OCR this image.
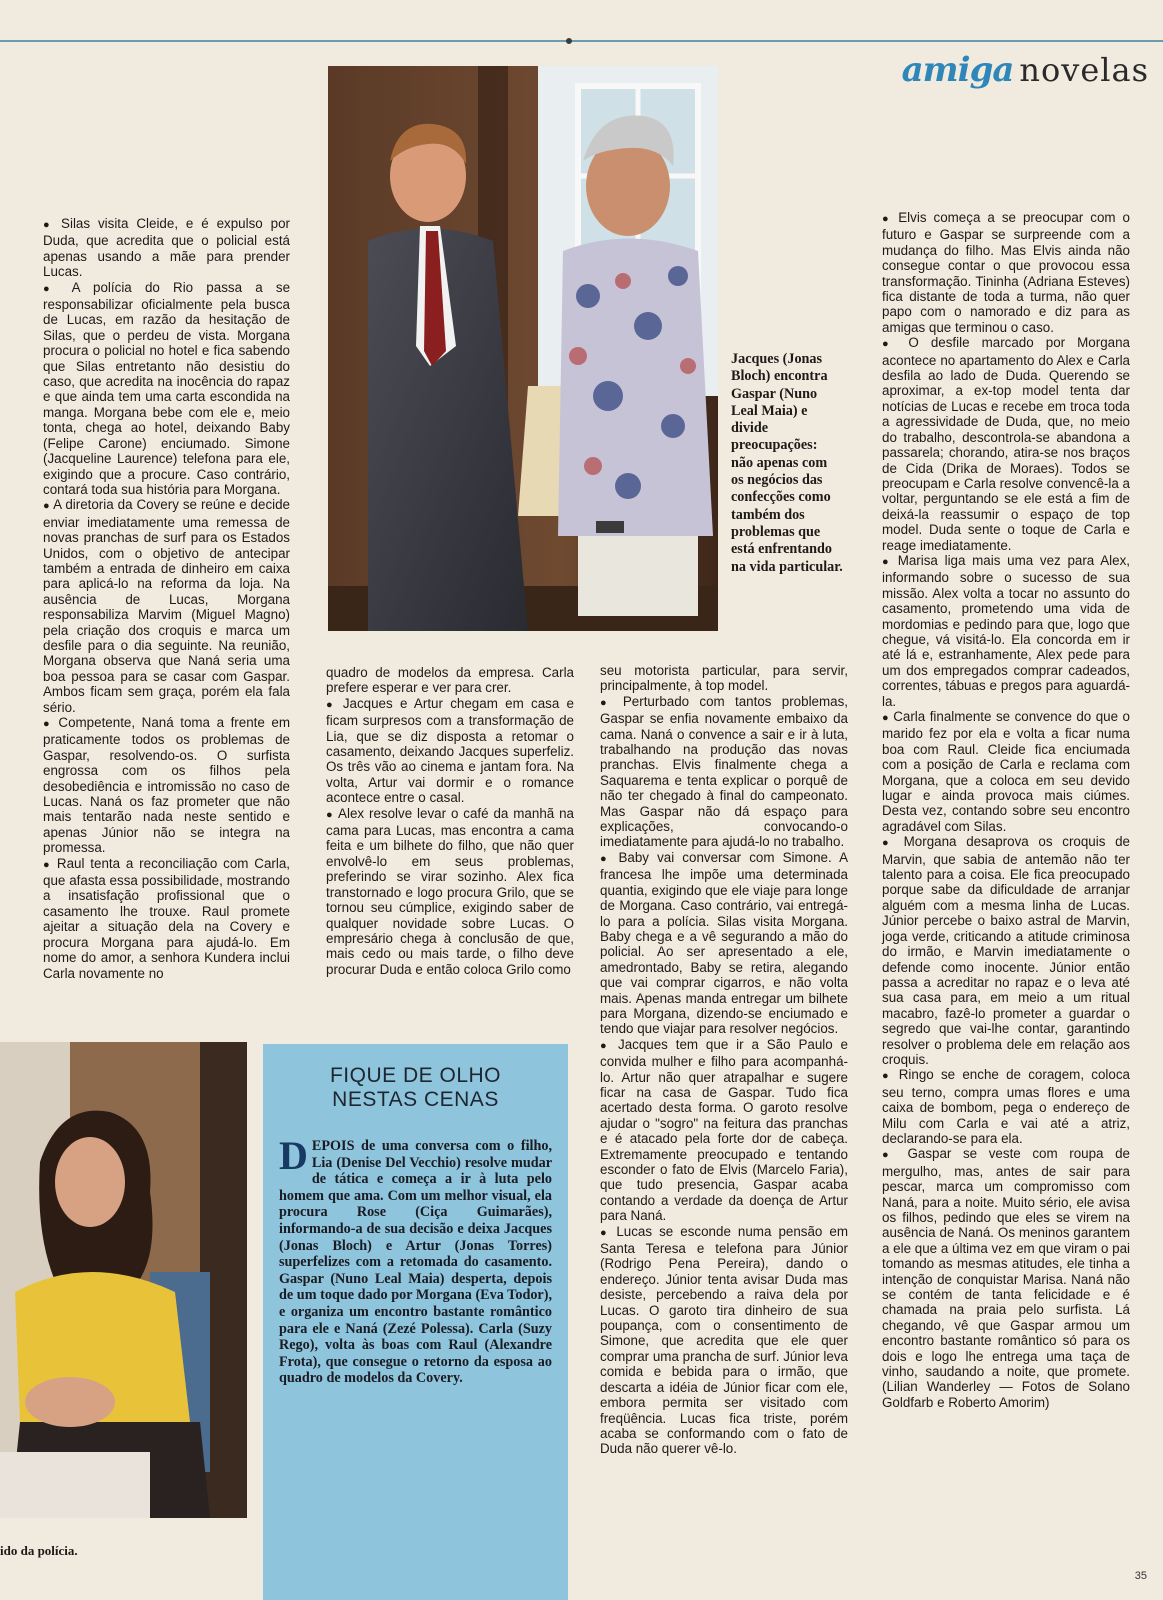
amiga novelas
Jacques (Jonas Bloch) encontra Gaspar (Nuno Leal Maia) e divide preocupações: não apenas com os negócios das confecções como também dos problemas que está enfrentando na vida particular.

● Silas visita Cleide, e é expulso por Duda, que acredita que o policial está apenas usando a mãe para prender Lucas.

● A polícia do Rio passa a se responsabilizar oficialmente pela busca de Lucas, em razão da hesitação de Silas, que o perdeu de vista. Morgana procura o policial no hotel e fica sabendo que Silas entretanto não desistiu do caso, que acredita na inocência do rapaz e que ainda tem uma carta escondida na manga. Morgana bebe com ele e, meio tonta, chega ao hotel, deixando Baby (Felipe Carone) enciumado. Simone (Jacqueline Laurence) telefona para ele, exigindo que a procure. Caso contrário, contará toda sua história para Morgana.

● A diretoria da Covery se reúne e decide enviar imediatamente uma remessa de novas pranchas de surf para os Estados Unidos, com o objetivo de antecipar também a entrada de dinheiro em caixa para aplicá-lo na reforma da loja. Na ausência de Lucas, Morgana responsabiliza Marvim (Miguel Magno) pela criação dos croquis e marca um desfile para o dia seguinte. Na reunião, Morgana observa que Naná seria uma boa pessoa para se casar com Gaspar. Ambos ficam sem graça, porém ela fala sério.

● Competente, Naná toma a frente em praticamente todos os problemas de Gaspar, resolvendo-os. O surfista engrossa com os filhos pela desobediência e intromissão no caso de Lucas. Naná os faz prometer que não mais tentarão nada neste sentido e apenas Júnior não se integra na promessa.

● Raul tenta a reconciliação com Carla, que afasta essa possibilidade, mostrando a insatisfação profissional que o casamento lhe trouxe. Raul promete ajeitar a situação dela na Covery e procura Morgana para ajudá-lo. Em nome do amor, a senhora Kundera inclui Carla novamente no

quadro de modelos da empresa. Carla prefere esperar e ver para crer.

● Jacques e Artur chegam em casa e ficam surpresos com a transformação de Lia, que se diz disposta a retomar o casamento, deixando Jacques superfeliz. Os três vão ao cinema e jantam fora. Na volta, Artur vai dormir e o romance acontece entre o casal.

● Alex resolve levar o café da manhã na cama para Lucas, mas encontra a cama feita e um bilhete do filho, que não quer envolvê-lo em seus problemas, preferindo se virar sozinho. Alex fica transtornado e logo procura Grilo, que se tornou seu cúmplice, exigindo saber de qualquer novidade sobre Lucas. O empresário chega à conclusão de que, mais cedo ou mais tarde, o filho deve procurar Duda e então coloca Grilo como

seu motorista particular, para servir, principalmente, à top model.

● Perturbado com tantos problemas, Gaspar se enfia novamente embaixo da cama. Naná o convence a sair e ir à luta, trabalhando na produção das novas pranchas. Elvis finalmente chega a Saquarema e tenta explicar o porquê de não ter chegado à final do campeonato. Mas Gaspar não dá espaço para explicações, convocando-o imediatamente para ajudá-lo no trabalho.

● Baby vai conversar com Simone. A francesa lhe impõe uma determinada quantia, exigindo que ele viaje para longe de Morgana. Caso contrário, vai entregá-lo para a polícia. Silas visita Morgana. Baby chega e a vê segurando a mão do policial. Ao ser apresentado a ele, amedrontado, Baby se retira, alegando que vai comprar cigarros, e não volta mais. Apenas manda entregar um bilhete para Morgana, dizendo-se enciumado e tendo que viajar para resolver negócios.

● Jacques tem que ir a São Paulo e convida mulher e filho para acompanhá-lo. Artur não quer atrapalhar e sugere ficar na casa de Gaspar. Tudo fica acertado desta forma. O garoto resolve ajudar o "sogro" na feitura das pranchas e é atacado pela forte dor de cabeça. Extremamente preocupado e tentando esconder o fato de Elvis (Marcelo Faria), que tudo presencia, Gaspar acaba contando a verdade da doença de Artur para Naná.

● Lucas se esconde numa pensão em Santa Teresa e telefona para Júnior (Rodrigo Pena Pereira), dando o endereço. Júnior tenta avisar Duda mas desiste, percebendo a raiva dela por Lucas. O garoto tira dinheiro de sua poupança, com o consentimento de Simone, que acredita que ele quer comprar uma prancha de surf. Júnior leva comida e bebida para o irmão, que descarta a idéia de Júnior ficar com ele, embora permita ser visitado com freqüência. Lucas fica triste, porém acaba se conformando com o fato de Duda não querer vê-lo.

● Elvis começa a se preocupar com o futuro e Gaspar se surpreende com a mudança do filho. Mas Elvis ainda não consegue contar o que provocou essa transformação. Tininha (Adriana Esteves) fica distante de toda a turma, não quer papo com o namorado e diz para as amigas que terminou o caso.

● O desfile marcado por Morgana acontece no apartamento do Alex e Carla desfila ao lado de Duda. Querendo se aproximar, a ex-top model tenta dar notícias de Lucas e recebe em troca toda a agressividade de Duda, que, no meio do trabalho, descontrola-se abandona a passarela; chorando, atira-se nos braços de Cida (Drika de Moraes). Todos se preocupam e Carla resolve convencê-la a voltar, perguntando se ele está a fim de deixá-la reassumir o espaço de top model. Duda sente o toque de Carla e reage imediatamente.

● Marisa liga mais uma vez para Alex, informando sobre o sucesso de sua missão. Alex volta a tocar no assunto do casamento, prometendo uma vida de mordomias e pedindo para que, logo que chegue, vá visitá-lo. Ela concorda em ir até lá e, estranhamente, Alex pede para um dos empregados comprar cadeados, correntes, tábuas e pregos para aguardá-la.

● Carla finalmente se convence do que o marido fez por ela e volta a ficar numa boa com Raul. Cleide fica enciumada com a posição de Carla e reclama com Morgana, que a coloca em seu devido lugar e ainda provoca mais ciúmes. Desta vez, contando sobre seu encontro agradável com Silas.

● Morgana desaprova os croquis de Marvin, que sabia de antemão não ter talento para a coisa. Ele fica preocupado porque sabe da dificuldade de arranjar alguém com a mesma linha de Lucas. Júnior percebe o baixo astral de Marvin, joga verde, criticando a atitude criminosa do irmão, e Marvin imediatamente o defende como inocente. Júnior então passa a acreditar no rapaz e o leva até sua casa para, em meio a um ritual macabro, fazê-lo prometer a guardar o segredo que vai-lhe contar, garantindo resolver o problema dele em relação aos croquis.

● Ringo se enche de coragem, coloca seu terno, compra umas flores e uma caixa de bombom, pega o endereço de Milu com Carla e vai até a atriz, declarando-se para ela.

● Gaspar se veste com roupa de mergulho, mas, antes de sair para pescar, marca um compromisso com Naná, para a noite. Muito sério, ele avisa os filhos, pedindo que eles se virem na ausência de Naná. Os meninos garantem a ele que a última vez em que viram o pai tomando as mesmas atitudes, ele tinha a intenção de conquistar Marisa. Naná não se contém de tanta felicidade e é chamada na praia pelo surfista. Lá chegando, vê que Gaspar armou um encontro bastante romântico só para os dois e logo lhe entrega uma taça de vinho, saudando a noite, que promete. (Lilian Wanderley — Fotos de Solano Goldfarb e Roberto Amorim)

ido da polícia.
FIQUE DE OLHO
NESTAS CENAS
DEPOIS de uma conversa com o filho, Lia (Denise Del Vecchio) resolve mudar de tática e começa a ir à luta pelo homem que ama. Com um melhor visual, ela procura Rose (Ciça Guimarães), informando-a de sua decisão e deixa Jacques (Jonas Bloch) e Artur (Jonas Torres) superfelizes com a retomada do casamento. Gaspar (Nuno Leal Maia) desperta, depois de um toque dado por Morgana (Eva Todor), e organiza um encontro bastante romântico para ele e Naná (Zezé Polessa). Carla (Suzy Rego), volta às boas com Raul (Alexandre Frota), que consegue o retorno da esposa ao quadro de modelos da Covery.
35
